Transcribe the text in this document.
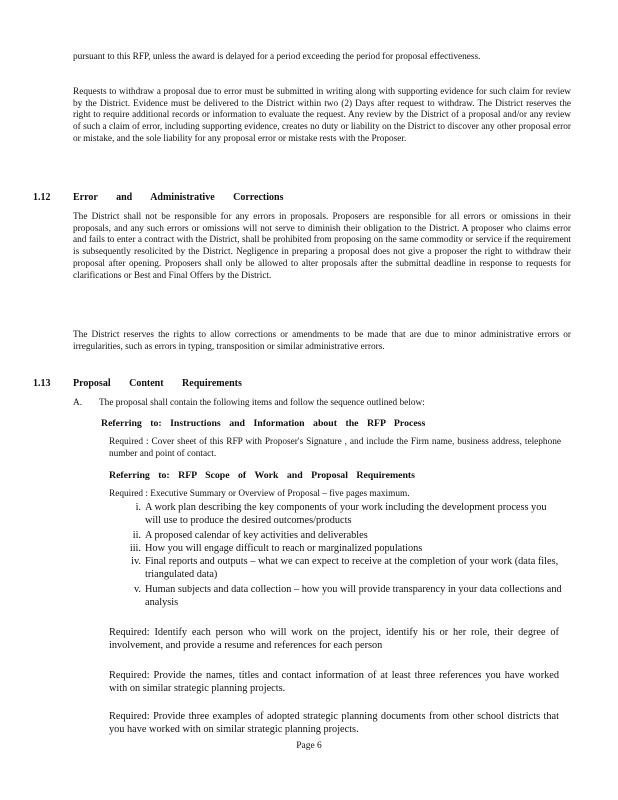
pursuant to this RFP, unless the award is delayed for a period exceeding the period for proposal effectiveness.

Requests to withdraw a proposal due to error must be submitted in writing along with supporting evidence for such claim for review by the District. Evidence must be delivered to the District within two (2) Days after request to withdraw. The District reserves the right to require additional records or information to evaluate the request. Any review by the District of a proposal and/or any review of such a claim of error, including supporting evidence, creates no duty or liability on the District to discover any other proposal error or mistake, and the sole liability for any proposal error or mistake rests with the Proposer.

1.12 Error and Administrative Corrections

The District shall not be responsible for any errors in proposals. Proposers are responsible for all errors or omissions in their proposals, and any such errors or omissions will not serve to diminish their obligation to the District. A proposer who claims error and fails to enter a contract with the District, shall be prohibited from proposing on the same commodity or service if the requirement is subsequently resolicited by the District. Negligence in preparing a proposal does not give a proposer the right to withdraw their proposal after opening. Proposers shall only be allowed to alter proposals after the submittal deadline in response to requests for clarifications or Best and Final Offers by the District.

The District reserves the rights to allow corrections or amendments to be made that are due to minor administrative errors or irregularities, such as errors in typing, transposition or similar administrative errors.

1.13 Proposal Content Requirements
A.	The proposal shall contain the following items and follow the sequence outlined below:

Referring to: Instructions and Information about the RFP Process

Required : Cover sheet of this RFP with Proposer's Signature , and include the Firm name, business address, telephone number and point of contact.

Referring to: RFP Scope of Work and Proposal Requirements

Required : Executive Summary or Overview of Proposal – five pages maximum.

i. A work plan describing the key components of your work including the development process you will use to produce the desired outcomes/products
ii. A proposed calendar of key activities and deliverables
iii. How you will engage difficult to reach or marginalized populations
iv. Final reports and outputs – what we can expect to receive at the completion of your work (data files, triangulated data)
v. Human subjects and data collection – how you will provide transparency in your data collections and analysis

Required: Identify each person who will work on the project, identify his or her role, their degree of involvement, and provide a resume and references for each person

Required: Provide the names, titles and contact information of at least three references you have worked with on similar strategic planning projects.

Required: Provide three examples of adopted strategic planning documents from other school districts that you have worked with on similar strategic planning projects.

Page 6
